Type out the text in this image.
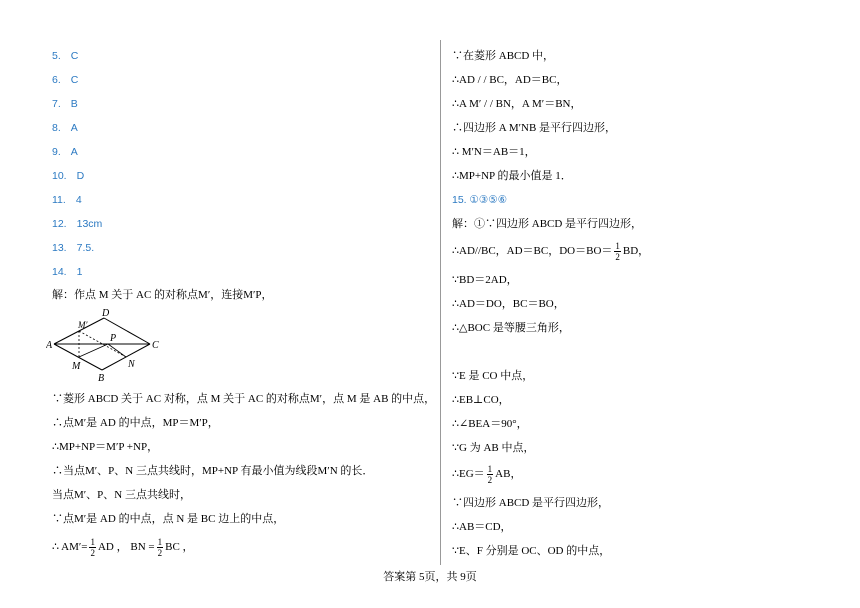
5. C
6. C
7. B
8. A
9. A
10. D
11. 4
12. 13cm
13. 7.5.
14. 1
解：作点 M 关于 AC 的对称点M′，连接M′P，
A
D
C
B
M
M′
P
N
∵菱形 ABCD 关于 AC 对称，点 M 关于 AC 的对称点M′，点 M 是 AB 的中点，
∴点M′是 AD 的中点，MP＝M′P，
∴MP+NP＝M′P +NP，
∴当点M′、P、N 三点共线时，MP+NP 有最小值为线段M′N 的长．
当点M′、P、N 三点共线时，
∵点M′是 AD 的中点，点 N 是 BC 边上的中点，
∴ $AM'= \frac{1}{2}$ AD ， BN = $\frac{1}{2}$ BC ，
∵在菱形 ABCD 中，
∴AD / / BC，AD＝BC，
∴A M′ / / BN，A M′＝BN，
∴四边形 A M′NB 是平行四边形，
∴ M′N＝AB＝1，
∴MP+NP 的最小值是 1．
15. ①③⑤⑥
解：①∵四边形 ABCD 是平行四边形，
∴AD//BC，AD＝BC，$DO=BO= \frac{1}{2}$ BD，
∵BD＝2AD，
∴AD＝DO，BC＝BO，
∴△BOC 是等腰三角形，
∵E 是 CO 中点，
∴EB⊥CO，
∴∠BEA＝90°，
∵G 为 AB 中点，
∴EG＝ $\frac{1}{2}$ AB，
∵四边形 ABCD 是平行四边形，
∴AB＝CD，
∵E、F 分别是 OC、OD 的中点，
答案第 5页，共 9页
